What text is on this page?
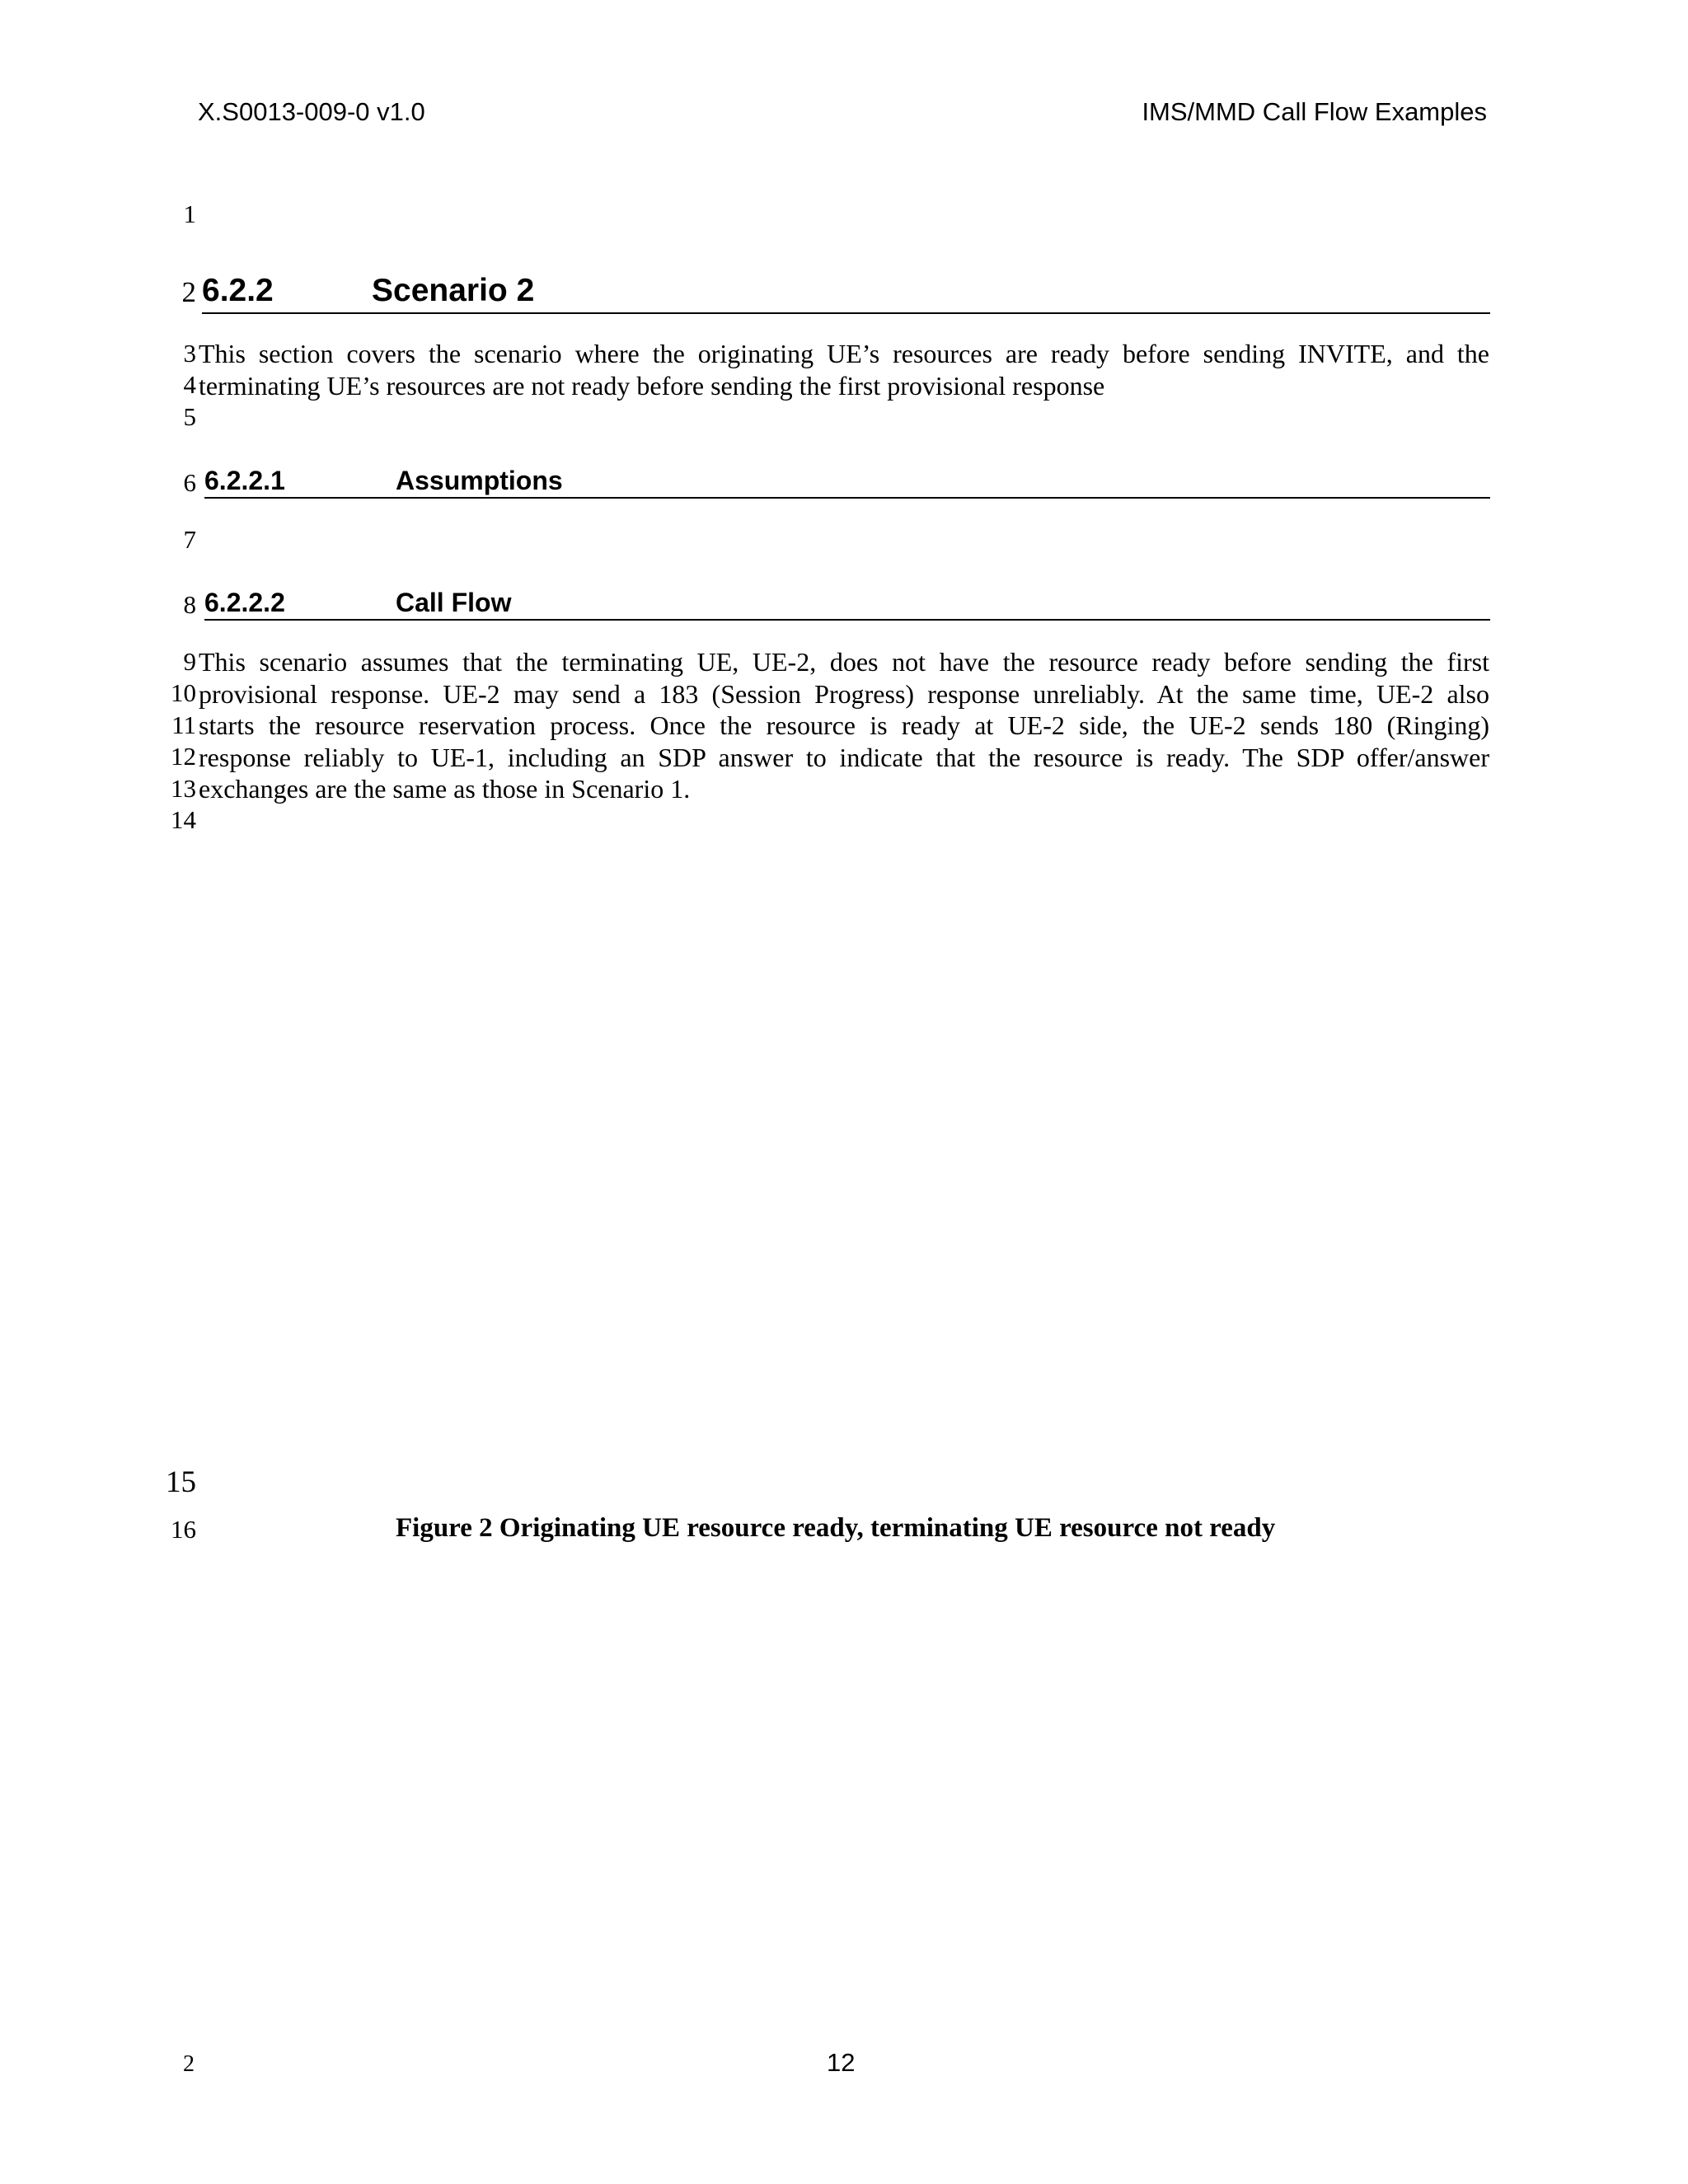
X.S0013-009-0 v1.0	IMS/MMD Call Flow Examples
1
2
3
4
5
6
7
8
9
10
11
12
13
14
15
16
6.2.2	Scenario 2
This section covers the scenario where the originating UE’s resources are ready before sending INVITE, and the
terminating UE’s resources are not ready before sending the first provisional response
6.2.2.1	Assumptions
6.2.2.2	Call Flow
This scenario assumes that the terminating UE, UE-2, does not have the resource ready before sending the first
provisional response. UE-2 may send a 183 (Session Progress) response unreliably. At the same time, UE-2 also
starts the resource reservation process. Once the resource is ready at UE-2 side, the UE-2 sends 180 (Ringing)
response reliably to UE-1, including an SDP answer to indicate that the resource is ready. The SDP offer/answer
exchanges are the same as those in Scenario 1.
Figure 2 Originating UE resource ready, terminating UE resource not ready
2	12
